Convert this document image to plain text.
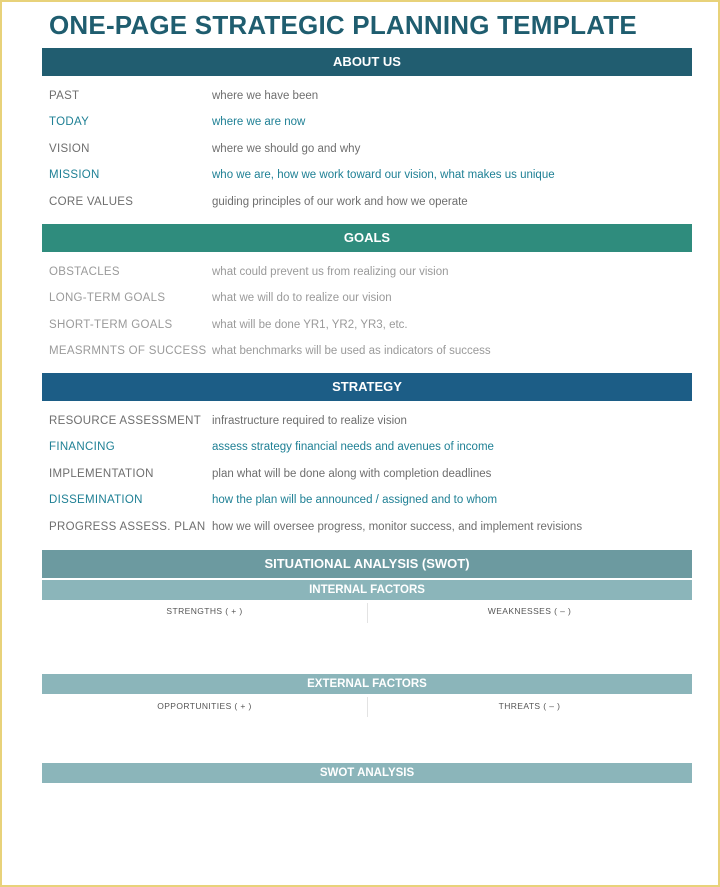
ONE-PAGE STRATEGIC PLANNING TEMPLATE
ABOUT US
PAST	where we have been
TODAY	where we are now
VISION	where we should go and why
MISSION	who we are, how we work toward our vision, what makes us unique
CORE VALUES	guiding principles of our work and how we operate
GOALS
OBSTACLES	what could prevent us from realizing our vision
LONG-TERM GOALS	what we will do to realize our vision
SHORT-TERM GOALS	what will be done YR1, YR2, YR3, etc.
MEASRMNTS OF SUCCESS what benchmarks will be used as indicators of success
STRATEGY
RESOURCE ASSESSMENT infrastructure required to realize vision
FINANCING	assess strategy financial needs and avenues of income
IMPLEMENTATION	plan what will be done along with completion deadlines
DISSEMINATION	how the plan will be announced / assigned and to whom
PROGRESS ASSESS. PLAN how we will oversee progress, monitor success, and implement revisions
SITUATIONAL ANALYSIS (SWOT)
INTERNAL FACTORS
STRENGTHS ( + )	WEAKNESSES ( – )
EXTERNAL FACTORS
OPPORTUNITIES ( + )	THREATS ( – )
SWOT ANALYSIS
